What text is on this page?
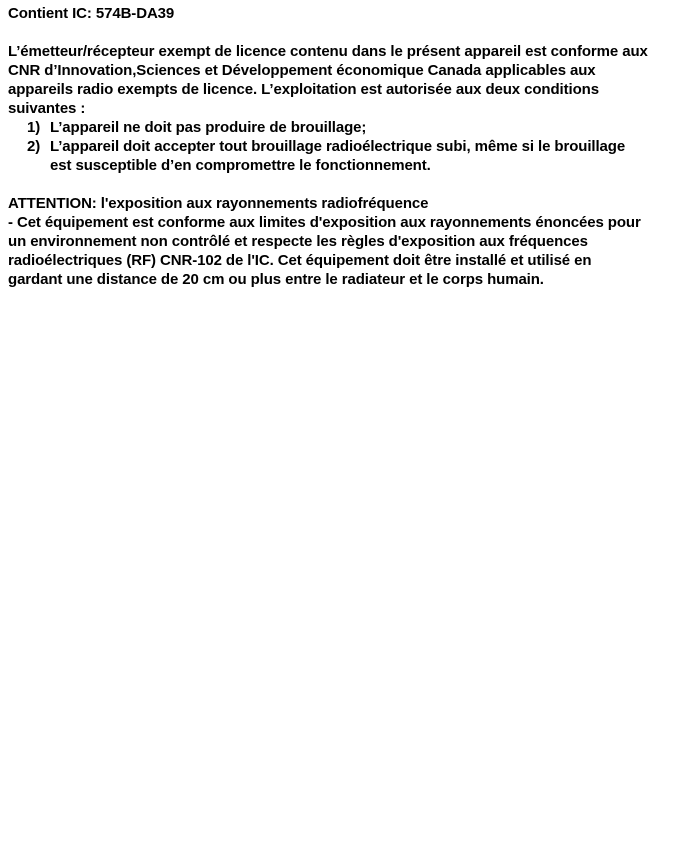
Contient IC: 574B-DA39
L’émetteur/récepteur exempt de licence contenu dans le présent appareil est conforme aux
CNR d’Innovation,Sciences et Développement économique Canada applicables aux
appareils radio exempts de licence. L’exploitation est autorisée aux deux conditions
suivantes :
1) L’appareil ne doit pas produire de brouillage;
2) L’appareil doit accepter tout brouillage radioélectrique subi, même si le brouillage
est susceptible d’en compromettre le fonctionnement.
ATTENTION: l'exposition aux rayonnements radiofréquence
- Cet équipement est conforme aux limites d'exposition aux rayonnements énoncées pour
un environnement non contrôlé et respecte les règles d'exposition aux fréquences
radioélectriques (RF) CNR-102 de l'IC. Cet équipement doit être installé et utilisé en
gardant une distance de 20 cm ou plus entre le radiateur et le corps humain.
